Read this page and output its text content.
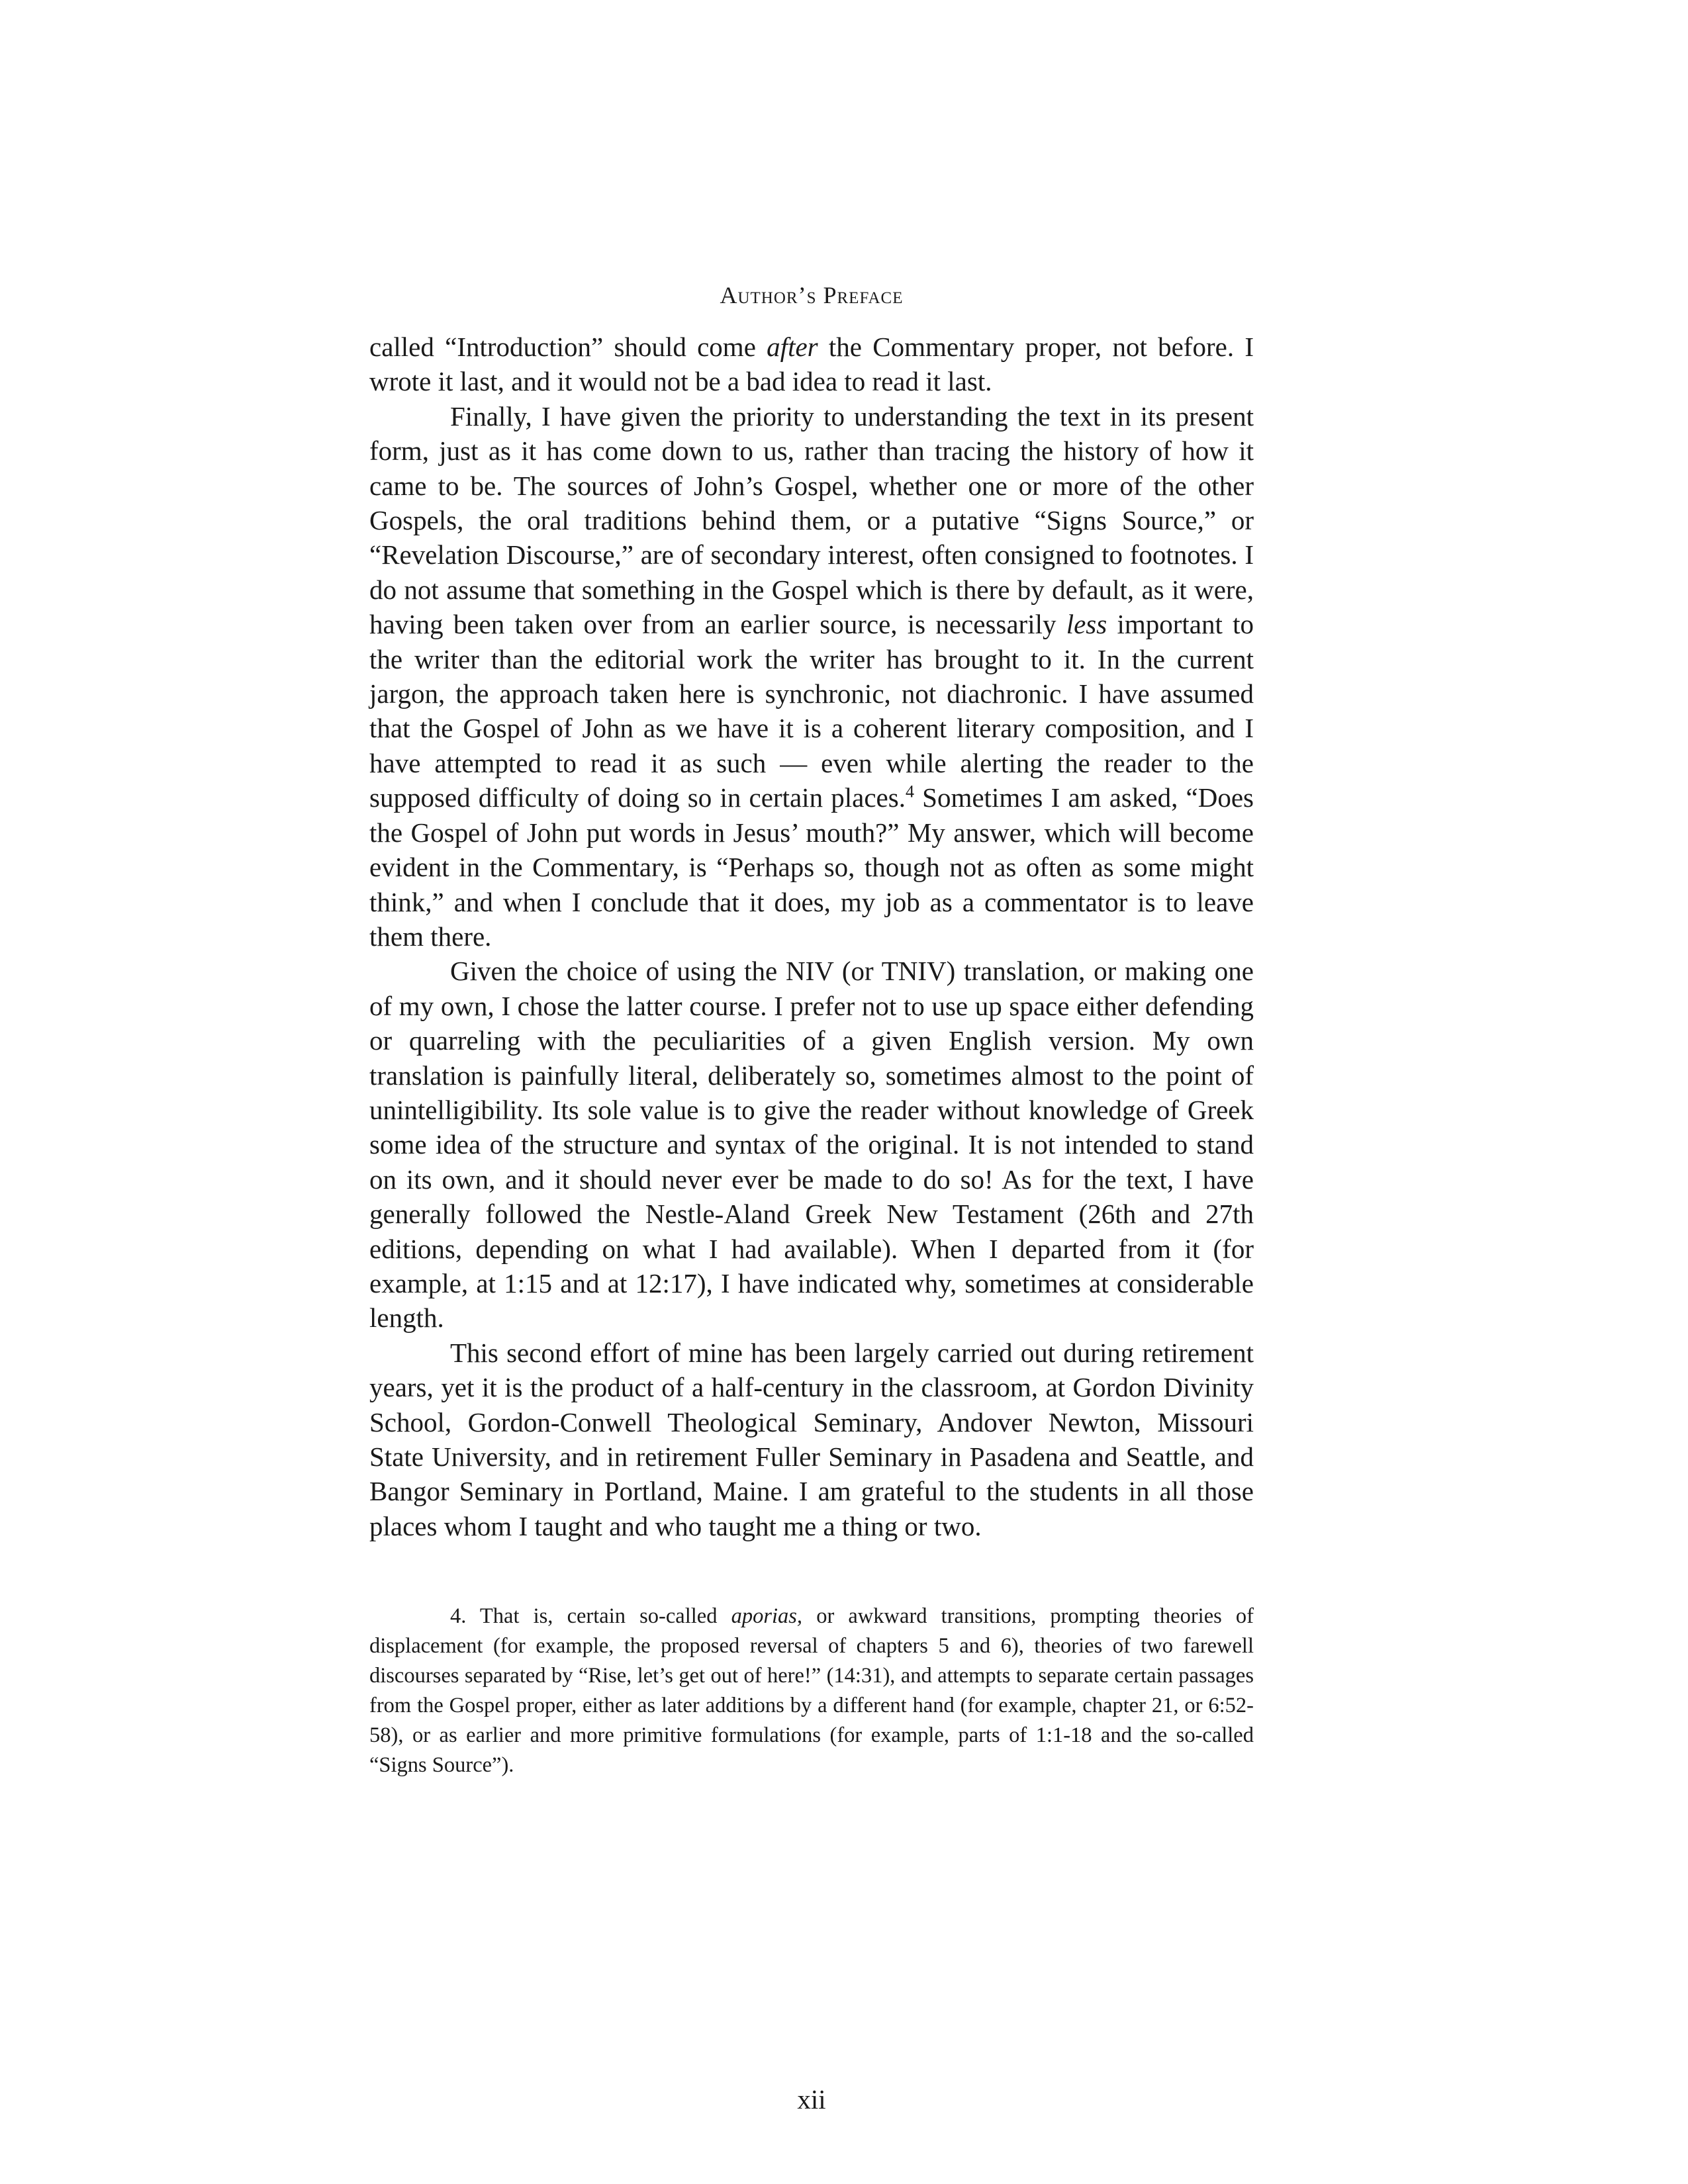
Author’s Preface

called “Introduction” should come after the Commentary proper, not before. I wrote it last, and it would not be a bad idea to read it last.

Finally, I have given the priority to understanding the text in its present form, just as it has come down to us, rather than tracing the history of how it came to be. The sources of John’s Gospel, whether one or more of the other Gospels, the oral traditions behind them, or a putative “Signs Source,” or “Revelation Discourse,” are of secondary interest, often consigned to footnotes. I do not assume that something in the Gospel which is there by default, as it were, having been taken over from an earlier source, is necessarily less important to the writer than the editorial work the writer has brought to it. In the current jargon, the approach taken here is synchronic, not diachronic. I have assumed that the Gospel of John as we have it is a coherent literary composition, and I have attempted to read it as such — even while alerting the reader to the supposed difficulty of doing so in certain places.$^4$ Sometimes I am asked, “Does the Gospel of John put words in Jesus’ mouth?” My answer, which will become evident in the Commentary, is “Perhaps so, though not as often as some might think,” and when I conclude that it does, my job as a commentator is to leave them there.

Given the choice of using the NIV (or TNIV) translation, or making one of my own, I chose the latter course. I prefer not to use up space either defending or quarreling with the peculiarities of a given English version. My own translation is painfully literal, deliberately so, sometimes almost to the point of unintelligibility. Its sole value is to give the reader without knowledge of Greek some idea of the structure and syntax of the original. It is not intended to stand on its own, and it should never ever be made to do so! As for the text, I have generally followed the Nestle-Aland Greek New Testament (26th and 27th editions, depending on what I had available). When I departed from it (for example, at 1:15 and at 12:17), I have indicated why, sometimes at considerable length.

This second effort of mine has been largely carried out during retirement years, yet it is the product of a half-century in the classroom, at Gordon Divinity School, Gordon-Conwell Theological Seminary, Andover Newton, Missouri State University, and in retirement Fuller Seminary in Pasadena and Seattle, and Bangor Seminary in Portland, Maine. I am grateful to the students in all those places whom I taught and who taught me a thing or two.

4. That is, certain so-called aporias, or awkward transitions, prompting theories of displacement (for example, the proposed reversal of chapters 5 and 6), theories of two farewell discourses separated by “Rise, let’s get out of here!” (14:31), and attempts to separate certain passages from the Gospel proper, either as later additions by a different hand (for example, chapter 21, or 6:52-58), or as earlier and more primitive formulations (for example, parts of 1:1-18 and the so-called “Signs Source”).

xii
